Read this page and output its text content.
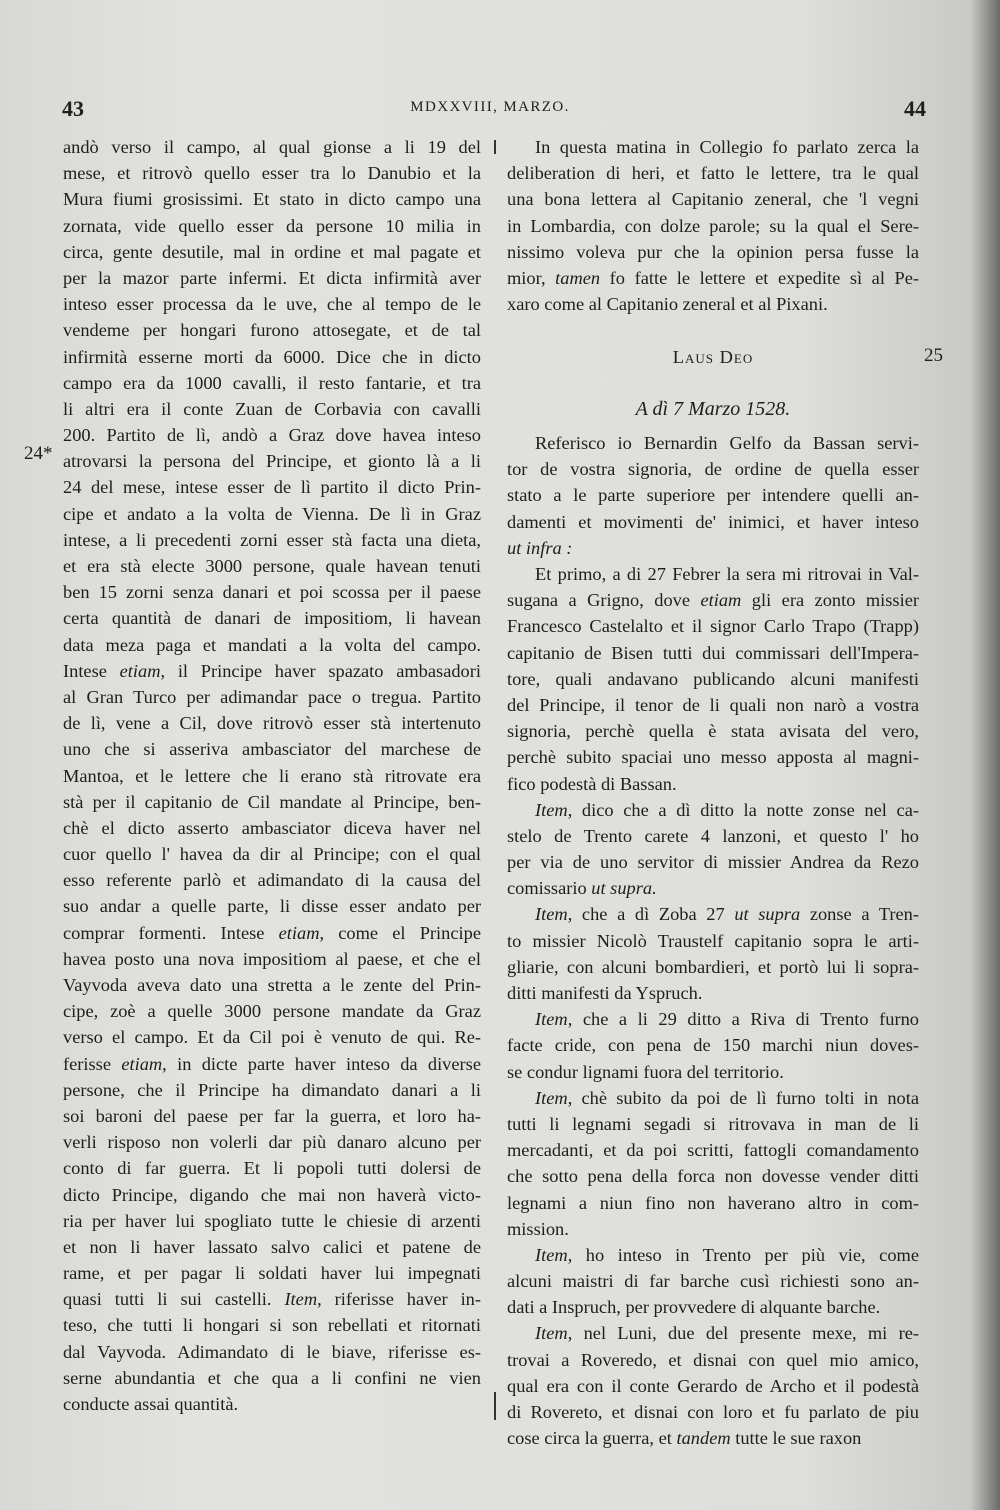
43	MDXXVIII, MARZO.	44
24*
25
andò verso il campo, al qual gionse a li 19 del
mese, et ritrovò quello esser tra lo Danubio et la
Mura fiumi grosissimi. Et stato in dicto campo una
zornata, vide quello esser da persone 10 milia in
circa, gente desutile, mal in ordine et mal pagate et
per la mazor parte infermi. Et dicta infirmità aver
inteso esser processa da le uve, che al tempo de le
vendeme per hongari furono attosegate, et de tal
infirmità esserne morti da 6000. Dice che in dicto
campo era da 1000 cavalli, il resto fantarie, et tra
li altri era il conte Zuan de Corbavia con cavalli
200. Partito de lì, andò a Graz dove havea inteso
atrovarsi la persona del Principe, et gionto là a li
24 del mese, intese esser de lì partito il dicto Prin-
cipe et andato a la volta de Vienna. De lì in Graz
intese, a li precedenti zorni esser stà facta una dieta,
et era stà electe 3000 persone, quale havean tenuti
ben 15 zorni senza danari et poi scossa per il paese
certa quantità de danari de impositiom, li havean
data meza paga et mandati a la volta del campo.
Intese etiam, il Principe haver spazato ambasadori
al Gran Turco per adimandar pace o tregua. Partito
de lì, vene a Cil, dove ritrovò esser stà intertenuto
uno che si asseriva ambasciator del marchese de
Mantoa, et le lettere che li erano stà ritrovate era
stà per il capitanio de Cil mandate al Principe, ben-
chè el dicto asserto ambasciator diceva haver nel
cuor quello l' havea da dir al Principe; con el qual
esso referente parlò et adimandato di la causa del
suo andar a quelle parte, li disse esser andato per
comprar formenti. Intese etiam, come el Principe
havea posto una nova impositiom al paese, et che el
Vayvoda aveva dato una stretta a le zente del Prin-
cipe, zoè a quelle 3000 persone mandate da Graz
verso el campo. Et da Cil poi è venuto de qui. Re-
ferisse etiam, in dicte parte haver inteso da diverse
persone, che il Principe ha dimandato danari a li
soi baroni del paese per far la guerra, et loro ha-
verli risposo non volerli dar più danaro alcuno per
conto di far guerra. Et li popoli tutti dolersi de
dicto Principe, digando che mai non haverà victo-
ria per haver lui spogliato tutte le chiesie di arzenti
et non li haver lassato salvo calici et patene de
rame, et per pagar li soldati haver lui impegnati
quasi tutti li sui castelli. Item, riferisse haver in-
teso, che tutti li hongari si son rebellati et ritornati
dal Vayvoda. Adimandato di le biave, riferisse es-
serne abundantia et che qua a li confini ne vien
conducte assai quantità.
In questa matina in Collegio fo parlato zerca la
deliberation di heri, et fatto le lettere, tra le qual
una bona lettera al Capitanio zeneral, che 'l vegni
in Lombardia, con dolze parole; su la qual el Sere-
nissimo voleva pur che la opinion persa fusse la
mior, tamen fo fatte le lettere et expedite sì al Pe-
xaro come al Capitanio zeneral et al Pixani.
Laus Deo
A dì 7 Marzo 1528.
Referisco io Bernardin Gelfo da Bassan servi-
tor de vostra signoria, de ordine de quella esser
stato a le parte superiore per intendere quelli an-
damenti et movimenti de' inimici, et haver inteso
ut infra :
Et primo, a di 27 Febrer la sera mi ritrovai in Val-
sugana a Grigno, dove etiam gli era zonto missier
Francesco Castelalto et il signor Carlo Trapo (Trapp)
capitanio de Bisen tutti dui commissari dell'Impera-
tore, quali andavano publicando alcuni manifesti
del Principe, il tenor de li quali non narò a vostra
signoria, perchè quella è stata avisata del vero,
perchè subito spaciai uno messo apposta al magni-
fico podestà di Bassan.
Item, dico che a dì ditto la notte zonse nel ca-
stelo de Trento carete 4 lanzoni, et questo l' ho
per via de uno servitor di missier Andrea da Rezo
comissario ut supra.
Item, che a dì Zoba 27 ut supra zonse a Tren-
to missier Nicolò Traustelf capitanio sopra le arti-
gliarie, con alcuni bombardieri, et portò lui li sopra-
ditti manifesti da Yspruch.
Item, che a li 29 ditto a Riva di Trento furno
facte cride, con pena de 150 marchi niun doves-
se condur lignami fuora del territorio.
Item, chè subito da poi de lì furno tolti in nota
tutti li legnami segadi si ritrovava in man de li
mercadanti, et da poi scritti, fattogli comandamento
che sotto pena della forca non dovesse vender ditti
legnami a niun fino non haverano altro in com-
mission.
Item, ho inteso in Trento per più vie, come
alcuni maistri di far barche cusì richiesti sono an-
dati a Inspruch, per provvedere di alquante barche.
Item, nel Luni, due del presente mexe, mi re-
trovai a Roveredo, et disnai con quel mio amico,
qual era con il conte Gerardo de Archo et il podestà
di Rovereto, et disnai con loro et fu parlato de piu
cose circa la guerra, et tandem tutte le sue raxon
